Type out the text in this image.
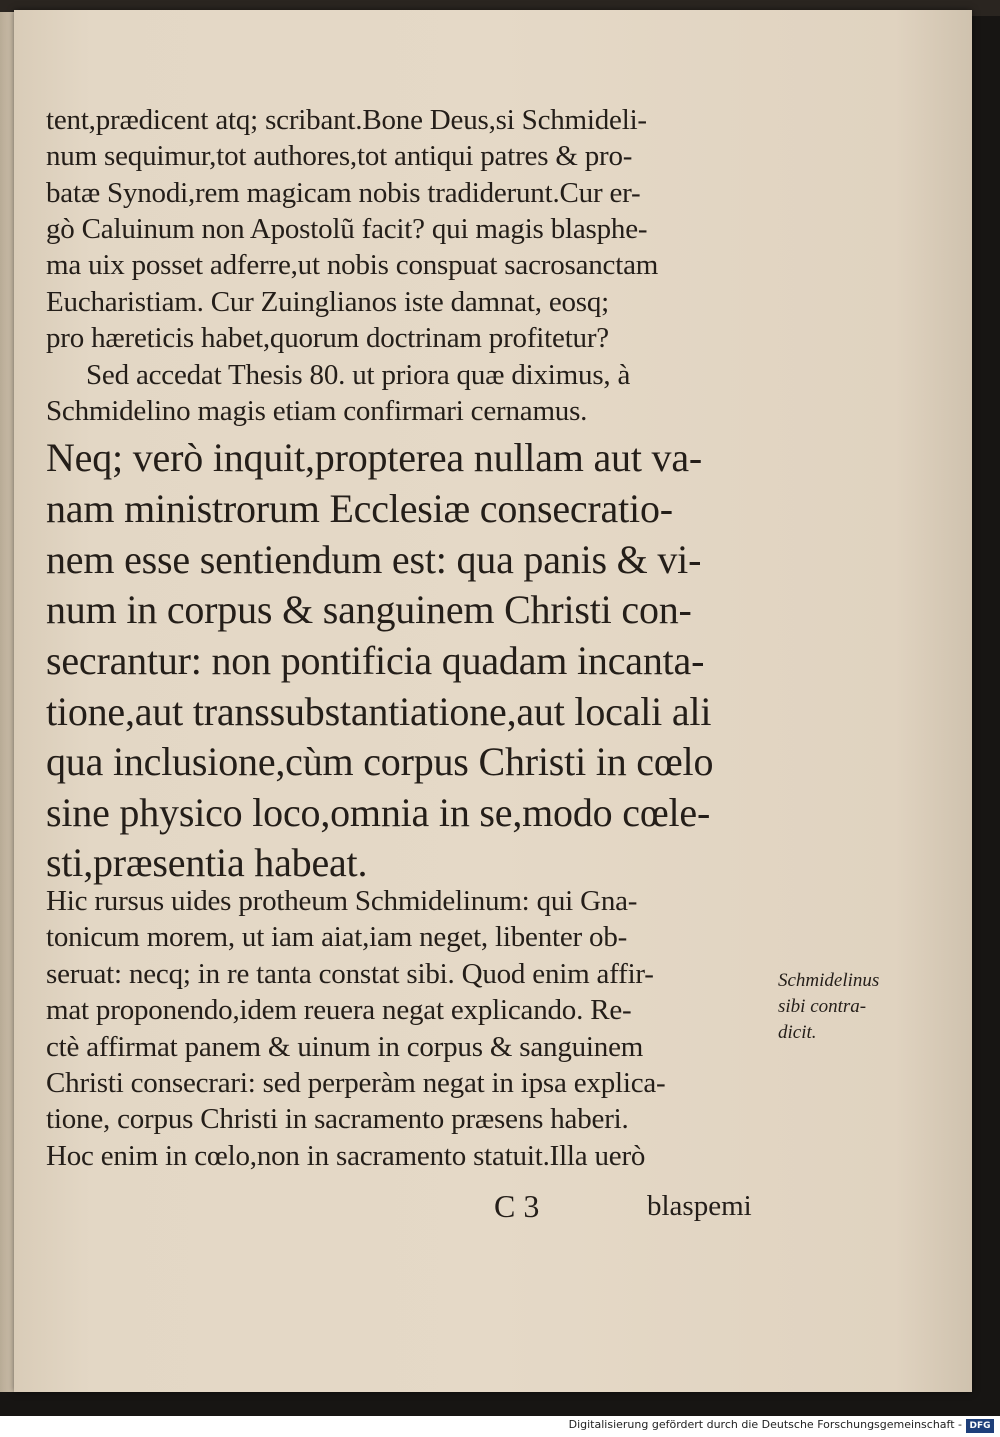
tent,prædicent atq; scribant.Bone Deus,si Schmideli-
num sequimur,tot authores,tot antiqui patres & pro-
batæ Synodi,rem magicam nobis tradiderunt.Cur er-
gò Caluinum non Apostolũ facit? qui magis blasphe-
ma uix posset adferre,ut nobis conspuat sacrosanctam
Eucharistiam. Cur Zuinglianos iste damnat, eosq;
pro hæreticis habet,quorum doctrinam profitetur?
Sed accedat Thesis 80. ut priora quæ diximus, à
Schmidelino magis etiam confirmari cernamus.
Neq; verò inquit,propterea nullam aut va-
nam ministrorum Ecclesiæ consecratio-
nem esse sentiendum est: qua panis & vi-
num in corpus & sanguinem Christi con-
secrantur: non pontificia quadam incanta-
tione,aut transsubstantiatione,aut locali ali
qua inclusione,cùm corpus Christi in cœlo
sine physico loco,omnia in se,modo cœle-
sti,præsentia habeat.
Hic rursus uides protheum Schmidelinum: qui Gna-
tonicum morem, ut iam aiat,iam neget, libenter ob-
seruat: necq; in re tanta constat sibi. Quod enim affir-
mat proponendo,idem reuera negat explicando. Re-
ctè affirmat panem & uinum in corpus & sanguinem
Christi consecrari: sed perperàm negat in ipsa explica-
tione, corpus Christi in sacramento præsens haberi.
Hoc enim in cœlo,non in sacramento statuit.Illa uerò
Schmidelinus
sibi contra-
dicit.
C 3	blaspemi
Digitalisierung gefördert durch die Deutsche Forschungsgemeinschaft - DFG
